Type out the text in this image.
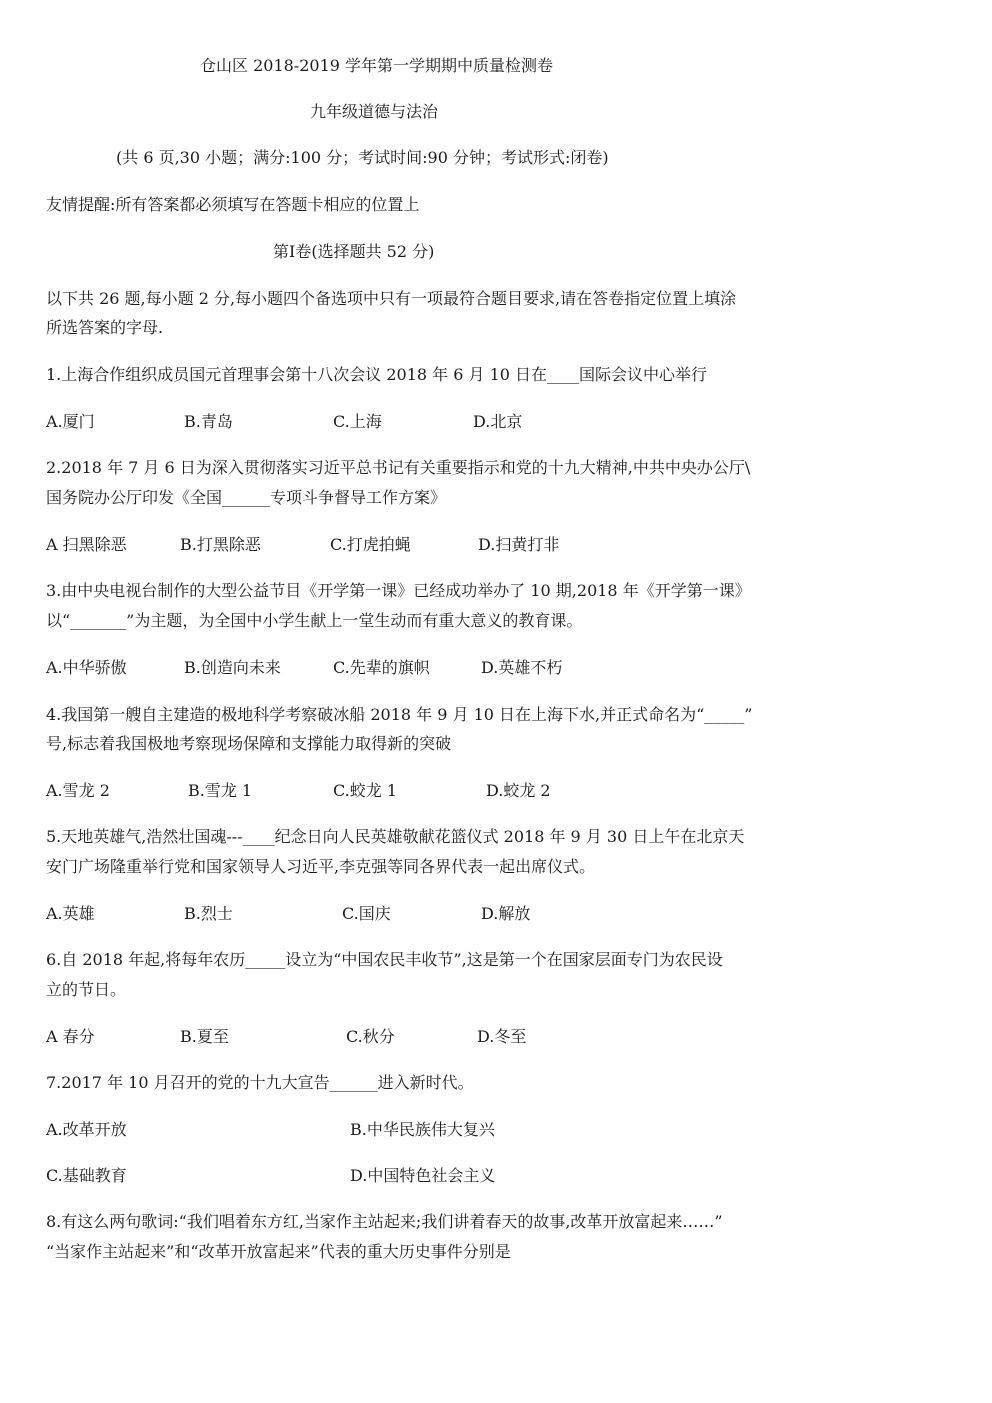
仓山区 2018-2019 学年第一学期期中质量检测卷
九年级道德与法治
(共 6 页,30 小题；满分:100 分；考试时间:90 分钟；考试形式:闭卷)
友情提醒:所有答案都必须填写在答题卡相应的位置上
第Ⅰ卷(选择题共 52 分)
以下共 26 题,每小题 2 分,每小题四个备选项中只有一项最符合题目要求,请在答卷指定位置上填涂
所选答案的字母.
1.上海合作组织成员国元首理事会第十八次会议 2018 年 6 月 10 日在____国际会议中心举行
A.厦门	B.青岛	C.上海	D.北京
2.2018 年 7 月 6 日为深入贯彻落实习近平总书记有关重要指示和党的十九大精神,中共中央办公厅\
国务院办公厅印发《全国______专项斗争督导工作方案》
A 扫黑除恶	B.打黑除恶	C.打虎拍蝇	D.扫黄打非
3.由中央电视台制作的大型公益节目《开学第一课》已经成功举办了 10 期,2018 年《开学第一课》
以“_______”为主题，为全国中小学生献上一堂生动而有重大意义的教育课。
A.中华骄傲	B.创造向未来	C.先辈的旗帜	D.英雄不朽
4.我国第一艘自主建造的极地科学考察破冰船 2018 年 9 月 10 日在上海下水,并正式命名为“_____”
号,标志着我国极地考察现场保障和支撑能力取得新的突破
A.雪龙 2	B.雪龙 1	C.蛟龙 1	D.蛟龙 2
5.天地英雄气,浩然壮国魂---____纪念日向人民英雄敬献花篮仪式 2018 年 9 月 30 日上午在北京天
安门广场隆重举行党和国家领导人习近平,李克强等同各界代表一起出席仪式。
A.英雄	B.烈士	C.国庆	D.解放
6.自 2018 年起,将每年农历_____设立为“中国农民丰收节”,这是第一个在国家层面专门为农民设
立的节日。
A 春分	B.夏至	C.秋分	D.冬至
7.2017 年 10 月召开的党的十九大宣告______进入新时代。
A.改革开放	B.中华民族伟大复兴
C.基础教育	D.中国特色社会主义
8.有这么两句歌词:“我们唱着东方红,当家作主站起来;我们讲着春天的故事,改革开放富起来……”
“当家作主站起来”和“改革开放富起来”代表的重大历史事件分别是
